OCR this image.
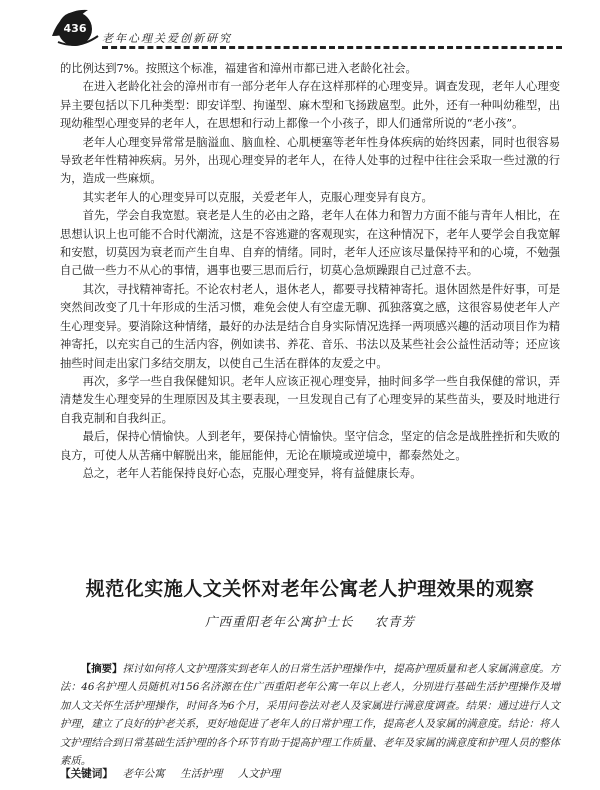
436
老年心理关爱创新研究

的比例达到7%。按照这个标准，福建省和漳州市都已进入老龄化社会。

在进入老龄化社会的漳州市有一部分老年人存在这样那样的心理变异。调查发现，老年人心理变异主要包括以下几种类型：即安详型、拘谨型、麻木型和飞扬跋扈型。此外，还有一种叫幼稚型，出现幼稚型心理变异的老年人，在思想和行动上都像一个小孩子，即人们通常所说的“老小孩”。

老年人心理变异常常是脑溢血、脑血栓、心肌梗塞等老年性身体疾病的始终因素，同时也很容易导致老年性精神疾病。另外，出现心理变异的老年人，在待人处事的过程中往往会采取一些过激的行为，造成一些麻烦。

其实老年人的心理变异可以克服，关爱老年人，克服心理变异有良方。

首先，学会自我宽慰。衰老是人生的必由之路，老年人在体力和智力方面不能与青年人相比，在思想认识上也可能不合时代潮流，这是不容逃避的客观现实，在这种情况下，老年人要学会自我宽解和安慰，切莫因为衰老而产生自卑、自弃的情绪。同时，老年人还应该尽量保持平和的心境，不勉强自己做一些力不从心的事情，遇事也要三思而后行，切莫心急烦躁跟自己过意不去。

其次，寻找精神寄托。不论农村老人，退休老人，都要寻找精神寄托。退休固然是件好事，可是突然间改变了几十年形成的生活习惯，难免会使人有空虚无聊、孤独落寞之感，这很容易使老年人产生心理变异。要消除这种情绪，最好的办法是结合自身实际情况选择一两项感兴趣的活动项目作为精神寄托，以充实自己的生活内容，例如读书、养花、音乐、书法以及某些社会公益性活动等；还应该抽些时间走出家门多结交朋友，以使自己生活在群体的友爱之中。

再次，多学一些自我保健知识。老年人应该正视心理变异，抽时间多学一些自我保健的常识，弄清楚发生心理变异的生理原因及其主要表现，一旦发现自己有了心理变异的某些苗头，要及时地进行自我克制和自我纠正。

最后，保持心情愉快。人到老年，要保持心情愉快。坚守信念，坚定的信念是战胜挫折和失败的良方，可使人从苦痛中解脱出来，能屈能伸，无论在顺境或逆境中，都泰然处之。

总之，老年人若能保持良好心态，克服心理变异，将有益健康长寿。

规范化实施人文关怀对老年公寓老人护理效果的观察
广西重阳老年公寓护士长 农青芳

【摘要】探讨如何将人文护理落实到老年人的日常生活护理操作中，提高护理质量和老人家属满意度。方法：46名护理人员随机对156名济源在住广西重阳老年公寓一年以上老人，分别进行基础生活护理操作及增加人文关怀生活护理操作，时间各为6个月，采用问卷法对老人及家属进行满意度调查。结果：通过进行人文护理，建立了良好的护老关系，更好地促进了老年人的日常护理工作，提高老人及家属的满意度。结论：将人文护理结合到日常基础生活护理的各个环节有助于提高护理工作质量、老年及家属的满意度和护理人员的整体素质。

【关键词】 老年公寓 生活护理 人文护理
